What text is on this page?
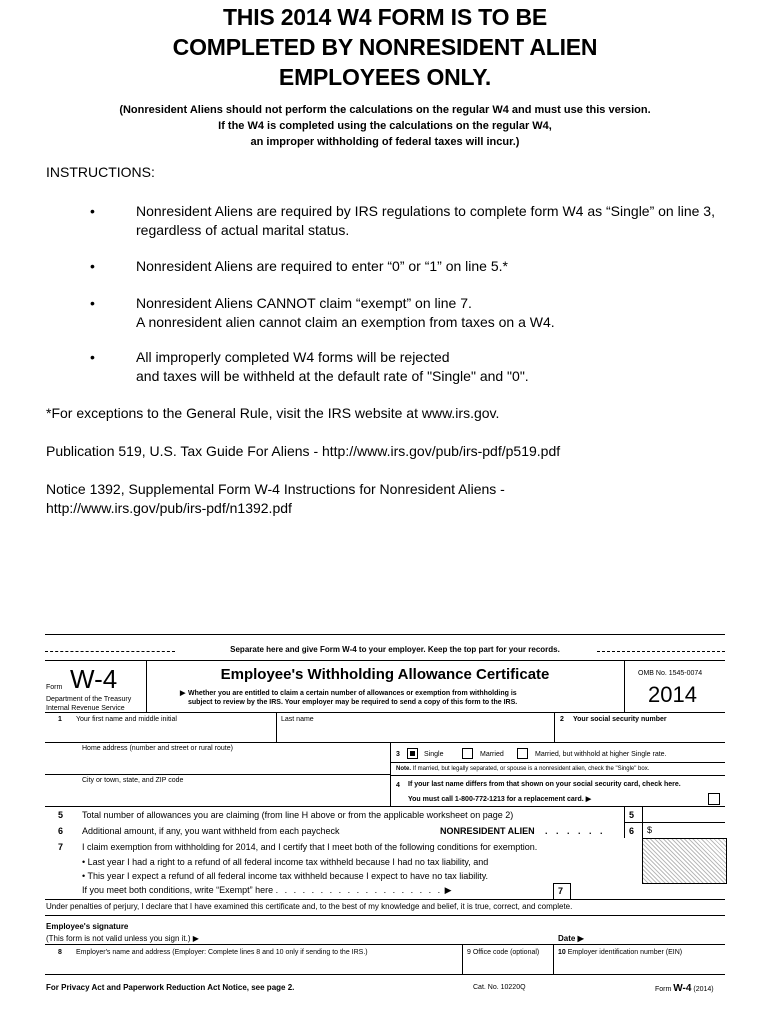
THIS 2014 W4 FORM IS TO BE
COMPLETED BY NONRESIDENT ALIEN
EMPLOYEES ONLY.
(Nonresident Aliens should not perform the calculations on the regular W4 and must use this version.
If the W4 is completed using the calculations on the regular W4,
an improper withholding of federal taxes will incur.)
INSTRUCTIONS:
•	Nonresident Aliens are required by IRS regulations to complete form W4 as “Single” on line 3,
regardless of actual marital status.
•	Nonresident Aliens are required to enter “0” or “1” on line 5.*
•	Nonresident Aliens CANNOT claim “exempt” on line 7.
A nonresident alien cannot claim an exemption from taxes on a W4.
•	All improperly completed W4 forms will be rejected
and taxes will be withheld at the default rate of "Single" and "0".
*For exceptions to the General Rule, visit the IRS website at www.irs.gov.
Publication 519, U.S. Tax Guide For Aliens - http://www.irs.gov/pub/irs-pdf/p519.pdf
Notice 1392, Supplemental Form W-4 Instructions for Nonresident Aliens -
http://www.irs.gov/pub/irs-pdf/n1392.pdf
Separate here and give Form W-4 to your employer. Keep the top part for your records.
Form W-4
Department of the Treasury
Internal Revenue Service
Employee's Withholding Allowance Certificate
▶ Whether you are entitled to claim a certain number of allowances or exemption from withholding is
subject to review by the IRS. Your employer may be required to send a copy of this form to the IRS.
OMB No. 1545-0074
2014
1 Your first name and middle initial	Last name	2 Your social security number
Home address (number and street or rural route)
3	Single	Married	Married, but withhold at higher Single rate.
Note. If married, but legally separated, or spouse is a nonresident alien, check the "Single" box.
City or town, state, and ZIP code
4 If your last name differs from that shown on your social security card, check here.
You must call 1-800-772-1213 for a replacement card. ▶
5 Total number of allowances you are claiming (from line H above or from the applicable worksheet on page 2)	5
6 Additional amount, if any, you want withheld from each paycheck	NONRESIDENT ALIEN . . . . . .	6 $
7 I claim exemption from withholding for 2014, and I certify that I meet both of the following conditions for exemption.
• Last year I had a right to a refund of all federal income tax withheld because I had no tax liability, and
• This year I expect a refund of all federal income tax withheld because I expect to have no tax liability.
If you meet both conditions, write “Exempt” here . . . . . . . . . . . . . . . . . . . ▶	7
Under penalties of perjury, I declare that I have examined this certificate and, to the best of my knowledge and belief, it is true, correct, and complete.
Employee's signature
(This form is not valid unless you sign it.) ▶	Date ▶
8 Employer's name and address (Employer: Complete lines 8 and 10 only if sending to the IRS.)	9 Office code (optional)	10 Employer identification number (EIN)
For Privacy Act and Paperwork Reduction Act Notice, see page 2.	Cat. No. 10220Q	Form W-4 (2014)
